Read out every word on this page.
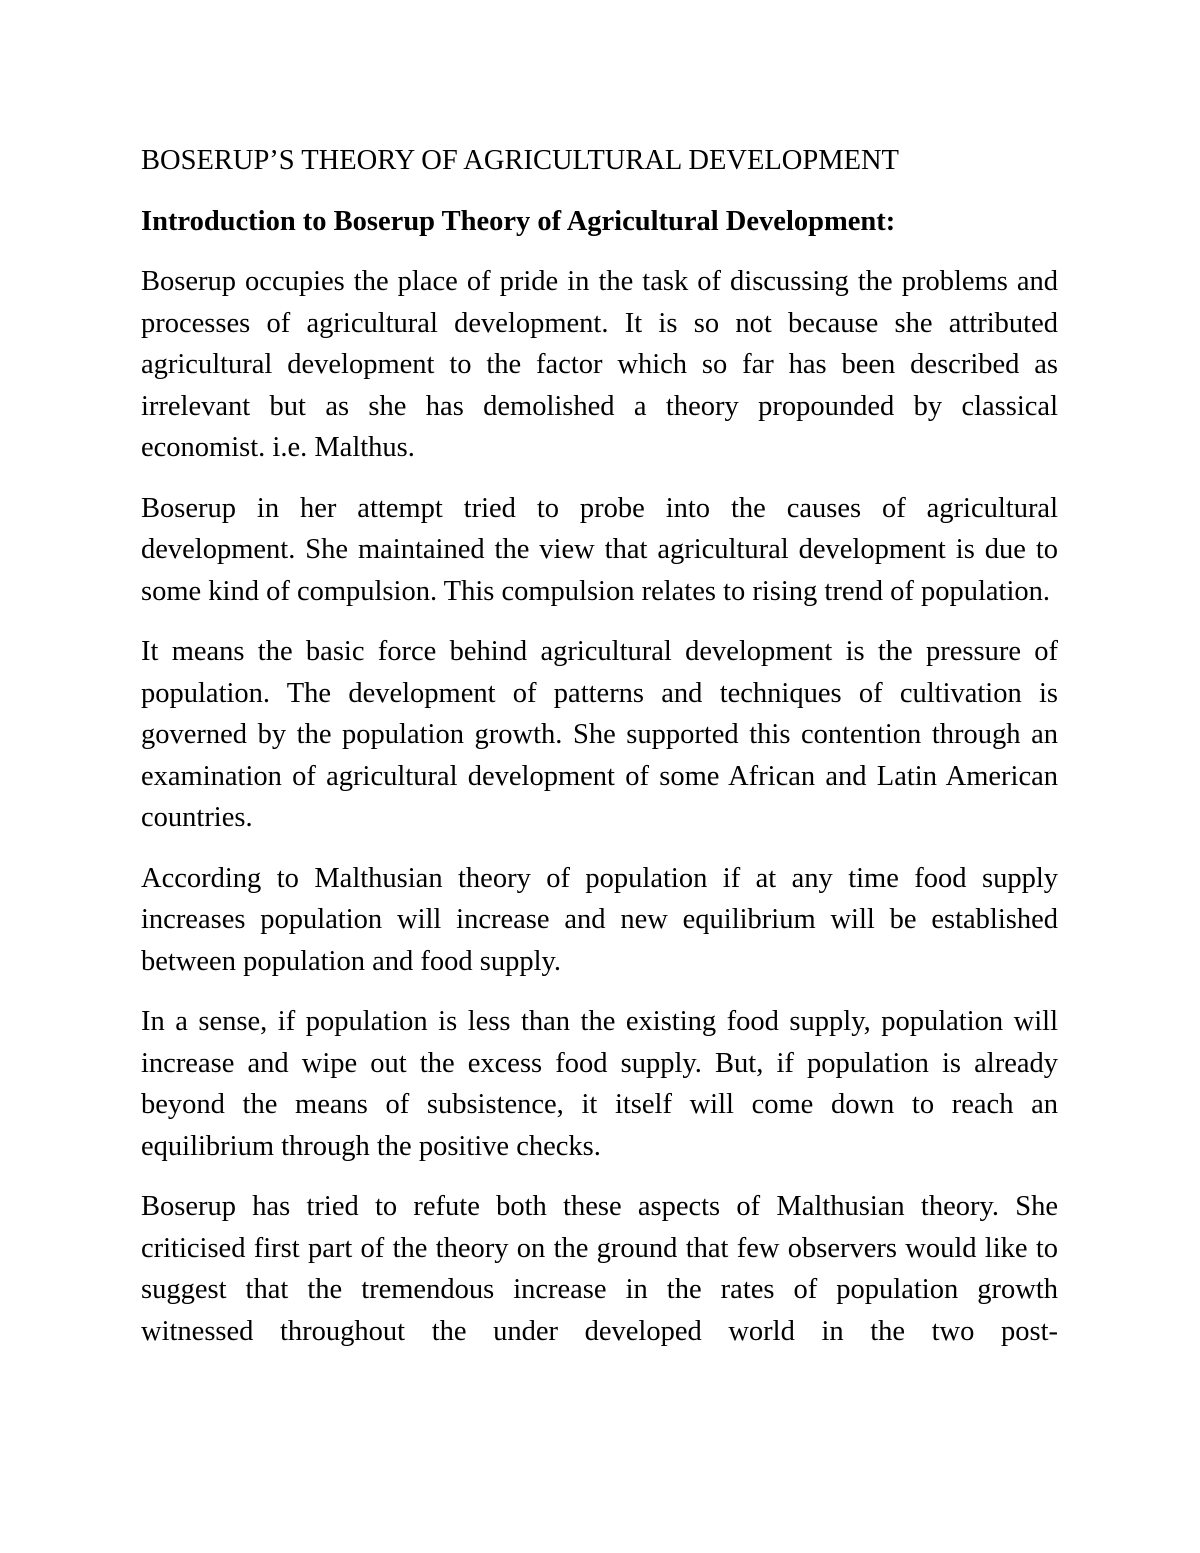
BOSERUP’S THEORY OF AGRICULTURAL DEVELOPMENT
Introduction to Boserup Theory of Agricultural Development:

Boserup occupies the place of pride in the task of discussing the problems and processes of agricultural development. It is so not because she attributed agricultural development to the factor which so far has been described as irrelevant but as she has demolished a theory propounded by classical economist. i.e. Malthus.

Boserup in her attempt tried to probe into the causes of agricultural development. She maintained the view that agricultural development is due to some kind of compulsion. This compulsion relates to rising trend of population.

It means the basic force behind agricultural development is the pressure of population. The development of patterns and techniques of cultivation is governed by the population growth. She supported this contention through an examination of agricultural development of some African and Latin American countries.

According to Malthusian theory of population if at any time food supply increases population will increase and new equilibrium will be established between population and food supply.

In a sense, if population is less than the existing food supply, population will increase and wipe out the excess food supply. But, if population is already beyond the means of subsistence, it itself will come down to reach an equilibrium through the positive checks.

Boserup has tried to refute both these aspects of Malthusian theory. She criticised first part of the theory on the ground that few observers would like to suggest that the tremendous increase in the rates of population growth witnessed throughout the under developed world in the two post-
